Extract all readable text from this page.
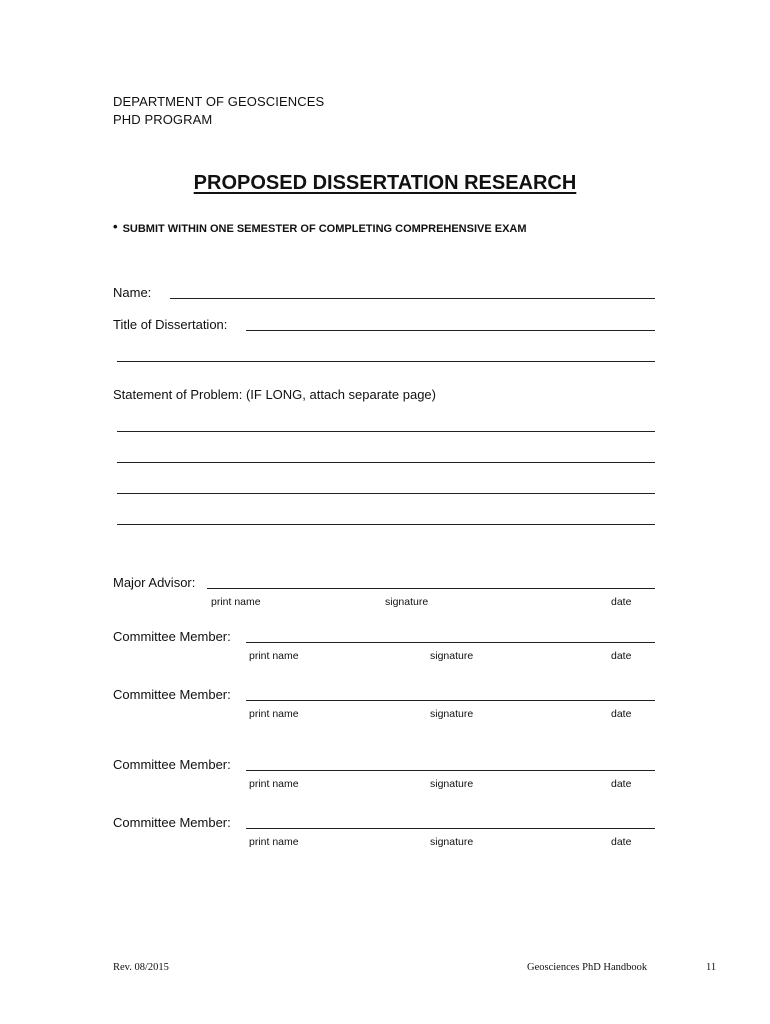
DEPARTMENT OF GEOSCIENCES
PHD PROGRAM
PROPOSED DISSERTATION RESEARCH
• SUBMIT WITHIN ONE SEMESTER OF COMPLETING COMPREHENSIVE EXAM
Name:
Title of Dissertation:
Statement of Problem: (IF LONG, attach separate page)
Major Advisor:
print name	signature	date
Committee Member:
print name	signature	date
Committee Member:
print name	signature	date
Committee Member:
print name	signature	date
Committee Member:
print name	signature	date
Rev. 08/2015	Geosciences PhD Handbook	11
